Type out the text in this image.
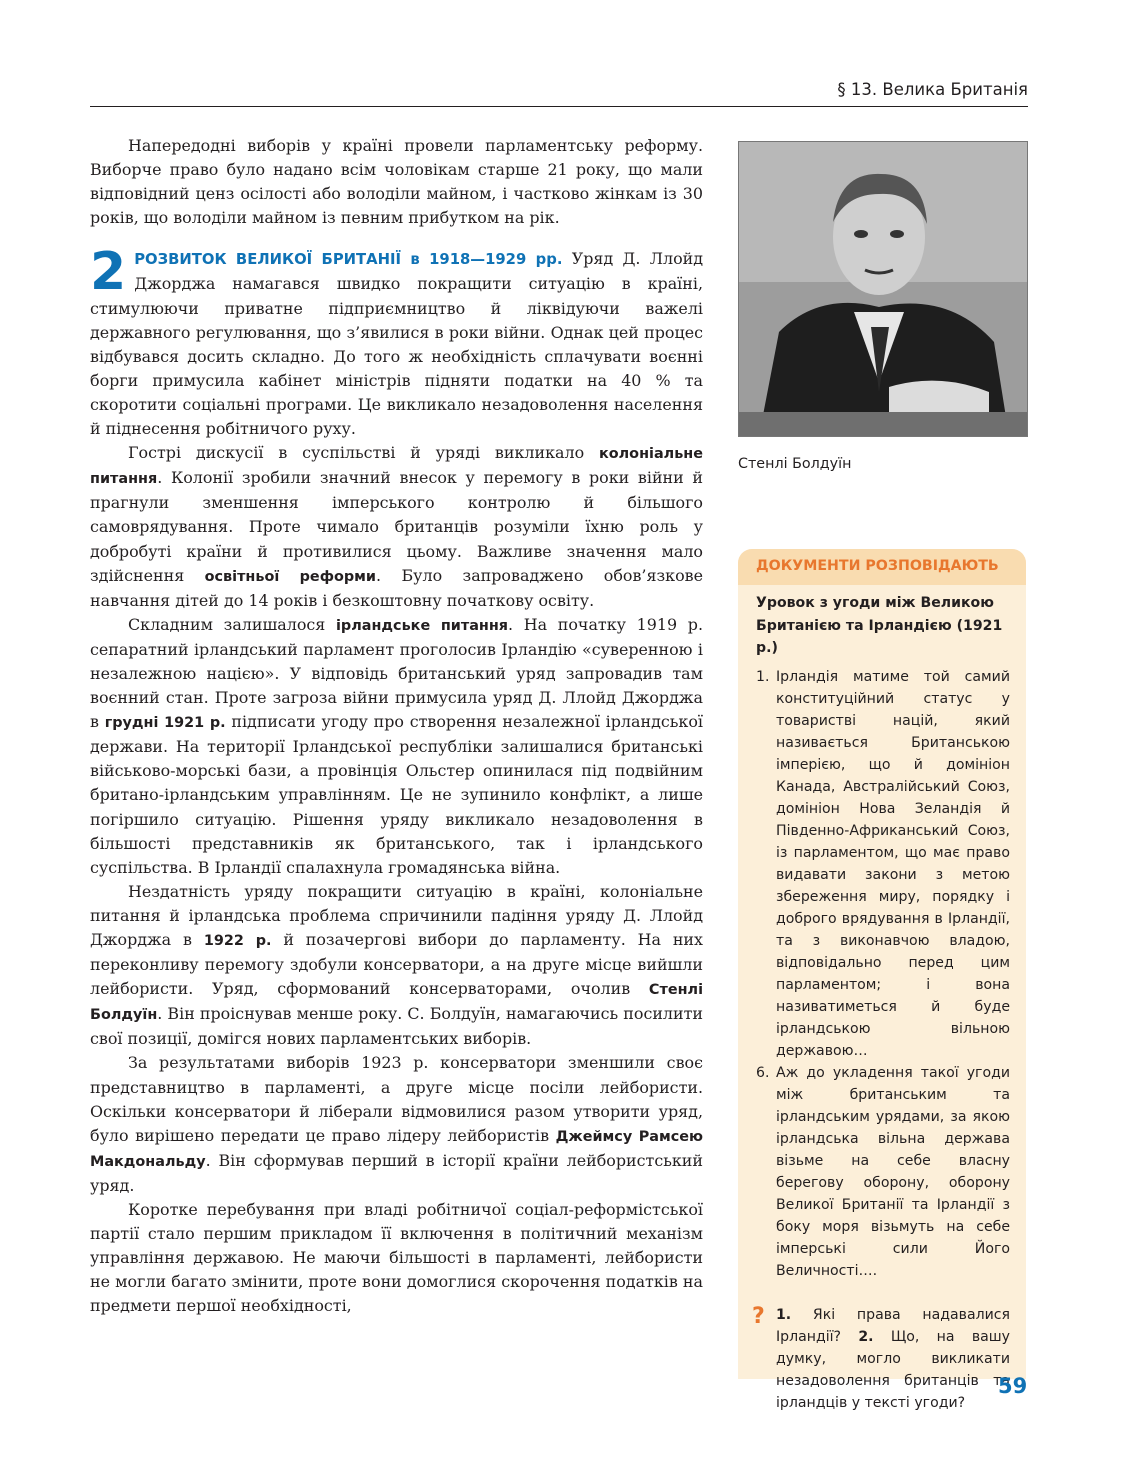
§ 13. Велика Британія

Напередодні виборів у країні провели парламентську реформу. Виборче право було надано всім чоловікам старше 21 року, що мали відповідний ценз осілості або володіли майном, і частково жінкам із 30 років, що володіли майном із певним прибутком на рік.

2 РОЗВИТОК ВЕЛИКОЇ БРИТАНІЇ в 1918—1929 рр. Уряд Д. Ллойд Джорджа намагався швидко покращити ситуацію в країні, стимулюючи приватне підприємництво й ліквідуючи важелі державного регулювання, що з’явилися в роки війни. Однак цей процес відбувався досить складно. До того ж необхідність сплачувати воєнні борги примусила кабінет міністрів підняти податки на 40 % та скоротити соціальні програми. Це викликало незадоволення населення й піднесення робітничого руху.

Гострі дискусії в суспільстві й уряді викликало колоніальне питання. Колонії зробили значний внесок у перемогу в роки війни й прагнули зменшення імперського контролю й більшого самоврядування. Проте чимало британців розуміли їхню роль у добробуті країни й противилися цьому. Важливе значення мало здійснення освітньої реформи. Було запроваджено обов’язкове навчання дітей до 14 років і безкоштовну початкову освіту.

Складним залишалося ірландське питання. На початку 1919 р. сепаратний ірландський парламент проголосив Ірландію «суверенною і незалежною нацією». У відповідь британський уряд запровадив там воєнний стан. Проте загроза війни примусила уряд Д. Ллойд Джорджа в грудні 1921 р. підписати угоду про створення незалежної ірландської держави. На території Ірландської республіки залишалися британські військово-морські бази, а провінція Ольстер опинилася під подвійним британо-ірландським управлінням. Це не зупинило конфлікт, а лише погіршило ситуацію. Рішення уряду викликало незадоволення в більшості представників як британського, так і ірландського суспільства. В Ірландії спалахнула громадянська війна.

Нездатність уряду покращити ситуацію в країні, колоніальне питання й ірландська проблема спричинили падіння уряду Д. Ллойд Джорджа в 1922 р. й позачергові вибори до парламенту. На них переконливу перемогу здобули консерватори, а на друге місце вийшли лейбористи. Уряд, сформований консерваторами, очолив Стенлі Болдуїн. Він проіснував менше року. С. Болдуїн, намагаючись посилити свої позиції, домігся нових парламентських виборів.

За результатами виборів 1923 р. консерватори зменшили своє представництво в парламенті, а друге місце посіли лейбористи. Оскільки консерватори й ліберали відмовилися разом утворити уряд, було вирішено передати це право лідеру лейбористів Джеймсу Рамсею Макдональду. Він сформував перший в історії країни лейбористський уряд.

Коротке перебування при владі робітничої соціал-реформістської партії стало першим прикладом її включення в політичний механізм управління державою. Не маючи більшості в парламенті, лейбористи не могли багато змінити, проте вони домоглися скорочення податків на предмети першої необхідності,

Стенлі Болдуїн
ДОКУМЕНТИ РОЗПОВІДАЮТЬ
Уровок з угоди між Великою Британією та Ірландією (1921 р.)
1. Ірландія матиме той самий конституційний статус у товаристві націй, який називається Британською імперією, що й домініон Канада, Австралійський Союз, домініон Нова Зеландія й Південно-Африканський Союз, із парламентом, що має право видавати закони з метою збереження миру, порядку і доброго врядування в Ірландії, та з виконавчою владою, відповідально перед цим парламентом; і вона називатиметься й буде ірландською вільною державою…
6. Аж до укладення такої угоди між британським та ірландським урядами, за якою ірландська вільна держава візьме на себе власну берегову оборону, оборону Великої Британії та Ірландії з боку моря візьмуть на себе імперські сили Його Величності….
? 1. Які права надавалися Ірландії? 2. Що, на вашу думку, могло викликати незадоволення британців та ірландців у тексті угоди?
59
